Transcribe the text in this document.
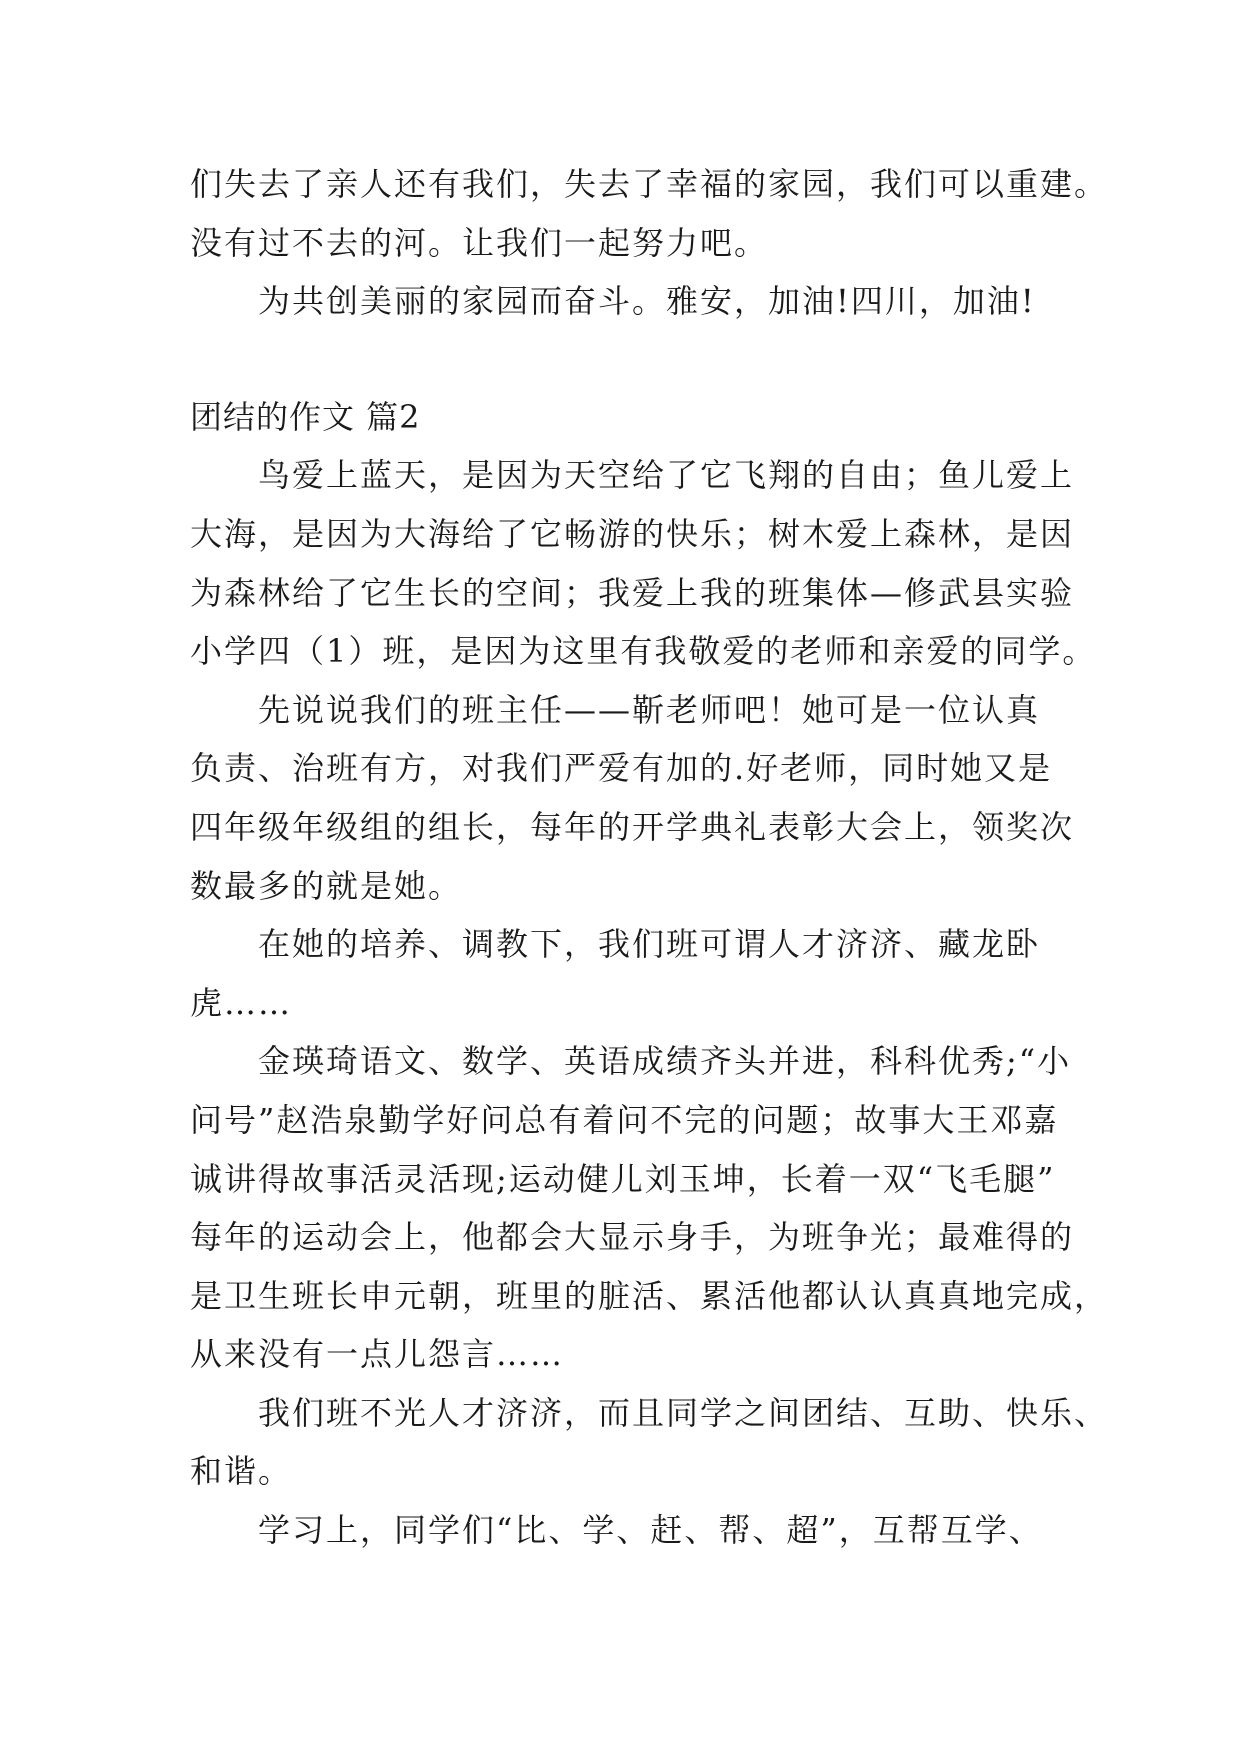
们失去了亲人还有我们，失去了幸福的家园，我们可以重建。
没有过不去的河。让我们一起努力吧。
为共创美丽的家园而奋斗。雅安，加油!四川，加油!
团结的作文 篇2
鸟爱上蓝天，是因为天空给了它飞翔的自由；鱼儿爱上
大海，是因为大海给了它畅游的快乐；树木爱上森林，是因
为森林给了它生长的空间；我爱上我的班集体—修武县实验
小学四（1）班，是因为这里有我敬爱的老师和亲爱的同学。
先说说我们的班主任——靳老师吧！她可是一位认真
负责、治班有方，对我们严爱有加的.好老师，同时她又是
四年级年级组的组长，每年的开学典礼表彰大会上，领奖次
数最多的就是她。
在她的培养、调教下，我们班可谓人才济济、藏龙卧
虎……
金瑛琦语文、数学、英语成绩齐头并进，科科优秀;“小
问号”赵浩泉勤学好问总有着问不完的问题；故事大王邓嘉
诚讲得故事活灵活现;运动健儿刘玉坤，长着一双“飞毛腿”
每年的运动会上，他都会大显示身手，为班争光；最难得的
是卫生班长申元朝，班里的脏活、累活他都认认真真地完成，
从来没有一点儿怨言……
我们班不光人才济济，而且同学之间团结、互助、快乐、
和谐。
学习上，同学们“比、学、赶、帮、超”，互帮互学、
